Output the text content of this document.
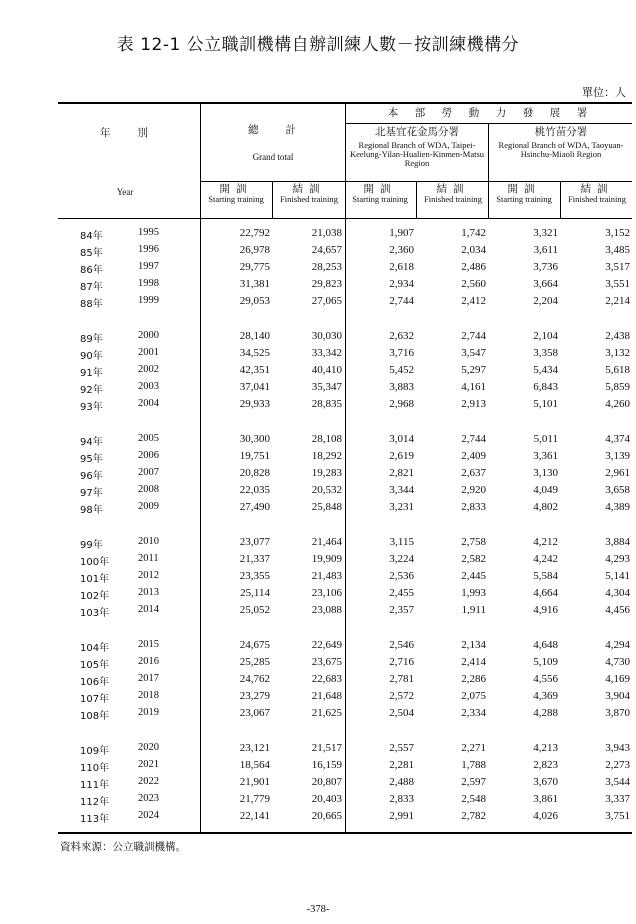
表 12-1 公立職訓機構自辦訓練人數－按訓練機構分
單位：人
年　　別
Year
總　　計
Grand total
本　部　勞　動　力　發　展　署
北基宜花金馬分署
Regional Branch of WDA, Taipei-Keelung-Yilan-Hualien-Kinmen-Matsu Region
桃竹苗分署
Regional Branch of WDA, Taoyuan-Hsinchu-Miaoli Region
開訓
Starting training
結訓
Finished training
開訓
Starting training
結訓
Finished training
開訓
Starting training
結訓
Finished training
84年	1995	22,792	21,038	1,907	1,742	3,321	3,152
85年	1996	26,978	24,657	2,360	2,034	3,611	3,485
86年	1997	29,775	28,253	2,618	2,486	3,736	3,517
87年	1998	31,381	29,823	2,934	2,560	3,664	3,551
88年	1999	29,053	27,065	2,744	2,412	2,204	2,214
89年	2000	28,140	30,030	2,632	2,744	2,104	2,438
90年	2001	34,525	33,342	3,716	3,547	3,358	3,132
91年	2002	42,351	40,410	5,452	5,297	5,434	5,618
92年	2003	37,041	35,347	3,883	4,161	6,843	5,859
93年	2004	29,933	28,835	2,968	2,913	5,101	4,260
94年	2005	30,300	28,108	3,014	2,744	5,011	4,374
95年	2006	19,751	18,292	2,619	2,409	3,361	3,139
96年	2007	20,828	19,283	2,821	2,637	3,130	2,961
97年	2008	22,035	20,532	3,344	2,920	4,049	3,658
98年	2009	27,490	25,848	3,231	2,833	4,802	4,389
99年	2010	23,077	21,464	3,115	2,758	4,212	3,884
100年	2011	21,337	19,909	3,224	2,582	4,242	4,293
101年	2012	23,355	21,483	2,536	2,445	5,584	5,141
102年	2013	25,114	23,106	2,455	1,993	4,664	4,304
103年	2014	25,052	23,088	2,357	1,911	4,916	4,456
104年	2015	24,675	22,649	2,546	2,134	4,648	4,294
105年	2016	25,285	23,675	2,716	2,414	5,109	4,730
106年	2017	24,762	22,683	2,781	2,286	4,556	4,169
107年	2018	23,279	21,648	2,572	2,075	4,369	3,904
108年	2019	23,067	21,625	2,504	2,334	4,288	3,870
109年	2020	23,121	21,517	2,557	2,271	4,213	3,943
110年	2021	18,564	16,159	2,281	1,788	2,823	2,273
111年	2022	21,901	20,807	2,488	2,597	3,670	3,544
112年	2023	21,779	20,403	2,833	2,548	3,861	3,337
113年	2024	22,141	20,665	2,991	2,782	4,026	3,751
資料來源：公立職訓機構。
-378-
